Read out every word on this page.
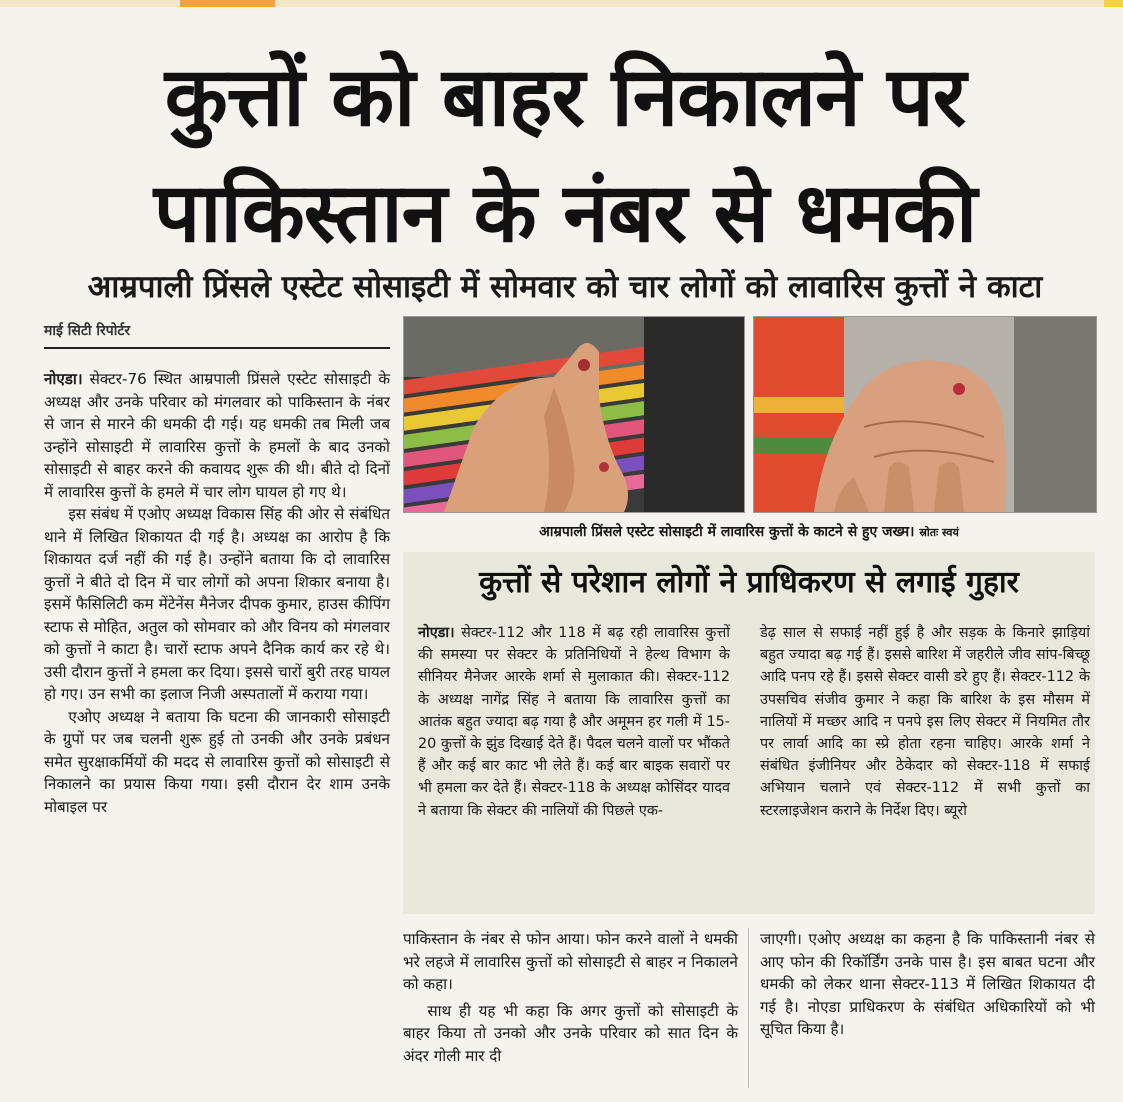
कुत्तों को बाहर निकालने पर
पाकिस्तान के नंबर से धमकी
आम्रपाली प्रिंसले एस्टेट सोसाइटी में सोमवार को चार लोगों को लावारिस कुत्तों ने काटा
माई सिटी रिपोर्टर

नोएडा। सेक्टर-76 स्थित आम्रपाली प्रिंसले एस्टेट सोसाइटी के अध्यक्ष और उनके परिवार को मंगलवार को पाकिस्तान के नंबर से जान से मारने की धमकी दी गई। यह धमकी तब मिली जब उन्होंने सोसाइटी में लावारिस कुत्तों के हमलों के बाद उनको सोसाइटी से बाहर करने की कवायद शुरू की थी। बीते दो दिनों में लावारिस कुत्तों के हमले में चार लोग घायल हो गए थे।

इस संबंध में एओए अध्यक्ष विकास सिंह की ओर से संबंधित थाने में लिखित शिकायत दी गई है। अध्यक्ष का आरोप है कि शिकायत दर्ज नहीं की गई है। उन्होंने बताया कि दो लावारिस कुत्तों ने बीते दो दिन में चार लोगों को अपना शिकार बनाया है। इसमें फैसिलिटी कम मेंटेनेंस मैनेजर दीपक कुमार, हाउस कीपिंग स्टाफ से मोहित, अतुल को सोमवार को और विनय को मंगलवार को कुत्तों ने काटा है। चारों स्टाफ अपने दैनिक कार्य कर रहे थे। उसी दौरान कुत्तों ने हमला कर दिया। इससे चारों बुरी तरह घायल हो गए। उन सभी का इलाज निजी अस्पतालों में कराया गया।

एओए अध्यक्ष ने बताया कि घटना की जानकारी सोसाइटी के ग्रुपों पर जब चलनी शुरू हुई तो उनकी और उनके प्रबंधन समेत सुरक्षाकर्मियों की मदद से लावारिस कुत्तों को सोसाइटी से निकालने का प्रयास किया गया। इसी दौरान देर शाम उनके मोबाइल पर

आम्रपाली प्रिंसले एस्टेट सोसाइटी में लावारिस कुत्तों के काटने से हुए जख्म। स्रोतः स्वयं
कुत्तों से परेशान लोगों ने प्राधिकरण से लगाई गुहार

नोएडा। सेक्टर-112 और 118 में बढ़ रही लावारिस कुत्तों की समस्या पर सेक्टर के प्रतिनिधियों ने हेल्थ विभाग के सीनियर मैनेजर आरके शर्मा से मुलाकात की। सेक्टर-112 के अध्यक्ष नागेंद्र सिंह ने बताया कि लावारिस कुत्तों का आतंक बहुत ज्यादा बढ़ गया है और अमूमन हर गली में 15-20 कुत्तों के झुंड दिखाई देते हैं। पैदल चलने वालों पर भौंकते हैं और कई बार काट भी लेते हैं। कई बार बाइक सवारों पर भी हमला कर देते हैं। सेक्टर-118 के अध्यक्ष कोसिंदर यादव ने बताया कि सेक्टर की नालियों की पिछले एक-

डेढ़ साल से सफाई नहीं हुई है और सड़क के किनारे झाड़ियां बहुत ज्यादा बढ़ गई हैं। इससे बारिश में जहरीले जीव सांप-बिच्छू आदि पनप रहे हैं। इससे सेक्टर वासी डरे हुए हैं। सेक्टर-112 के उपसचिव संजीव कुमार ने कहा कि बारिश के इस मौसम में नालियों में मच्छर आदि न पनपे इस लिए सेक्टर में नियमित तौर पर लार्वा आदि का स्प्रे होता रहना चाहिए। आरके शर्मा ने संबंधित इंजीनियर और ठेकेदार को सेक्टर-118 में सफाई अभियान चलाने एवं सेक्टर-112 में सभी कुत्तों का स्टरलाइजेशन कराने के निर्देश दिए। ब्यूरो

पाकिस्तान के नंबर से फोन आया। फोन करने वालों ने धमकी भरे लहजे में लावारिस कुत्तों को सोसाइटी से बाहर न निकालने को कहा।

साथ ही यह भी कहा कि अगर कुत्तों को सोसाइटी के बाहर किया तो उनको और उनके परिवार को सात दिन के अंदर गोली मार दी

जाएगी। एओए अध्यक्ष का कहना है कि पाकिस्तानी नंबर से आए फोन की रिकॉर्डिंग उनके पास है। इस बाबत घटना और धमकी को लेकर थाना सेक्टर-113 में लिखित शिकायत दी गई है। नोएडा प्राधिकरण के संबंधित अधिकारियों को भी सूचित किया है।
